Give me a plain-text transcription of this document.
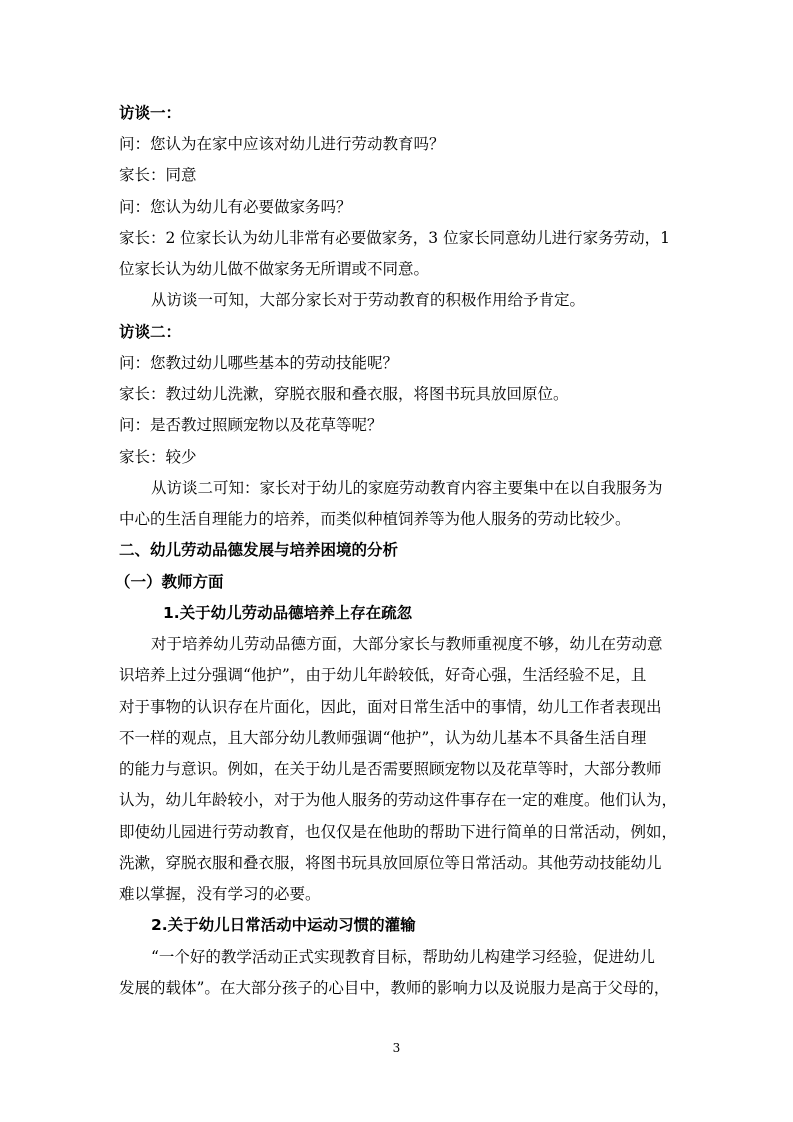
访谈一：
问：您认为在家中应该对幼儿进行劳动教育吗？
家长：同意
问：您认为幼儿有必要做家务吗？
家长：2 位家长认为幼儿非常有必要做家务，3 位家长同意幼儿进行家务劳动，1
位家长认为幼儿做不做家务无所谓或不同意。
从访谈一可知，大部分家长对于劳动教育的积极作用给予肯定。
访谈二：
问：您教过幼儿哪些基本的劳动技能呢？
家长：教过幼儿洗漱，穿脱衣服和叠衣服，将图书玩具放回原位。
问：是否教过照顾宠物以及花草等呢？
家长：较少
从访谈二可知：家长对于幼儿的家庭劳动教育内容主要集中在以自我服务为
中心的生活自理能力的培养，而类似种植饲养等为他人服务的劳动比较少。
二、幼儿劳动品德发展与培养困境的分析
（一）教师方面
1.关于幼儿劳动品德培养上存在疏忽
对于培养幼儿劳动品德方面，大部分家长与教师重视度不够，幼儿在劳动意
识培养上过分强调“他护”，由于幼儿年龄较低，好奇心强，生活经验不足，且
对于事物的认识存在片面化，因此，面对日常生活中的事情，幼儿工作者表现出
不一样的观点，且大部分幼儿教师强调“他护”，认为幼儿基本不具备生活自理
的能力与意识。例如，在关于幼儿是否需要照顾宠物以及花草等时，大部分教师
认为，幼儿年龄较小，对于为他人服务的劳动这件事存在一定的难度。他们认为，
即使幼儿园进行劳动教育，也仅仅是在他助的帮助下进行简单的日常活动，例如，
洗漱，穿脱衣服和叠衣服，将图书玩具放回原位等日常活动。其他劳动技能幼儿
难以掌握，没有学习的必要。
2.关于幼儿日常活动中运动习惯的灌输
“一个好的教学活动正式实现教育目标，帮助幼儿构建学习经验，促进幼儿
发展的载体”。在大部分孩子的心目中，教师的影响力以及说服力是高于父母的，
3
